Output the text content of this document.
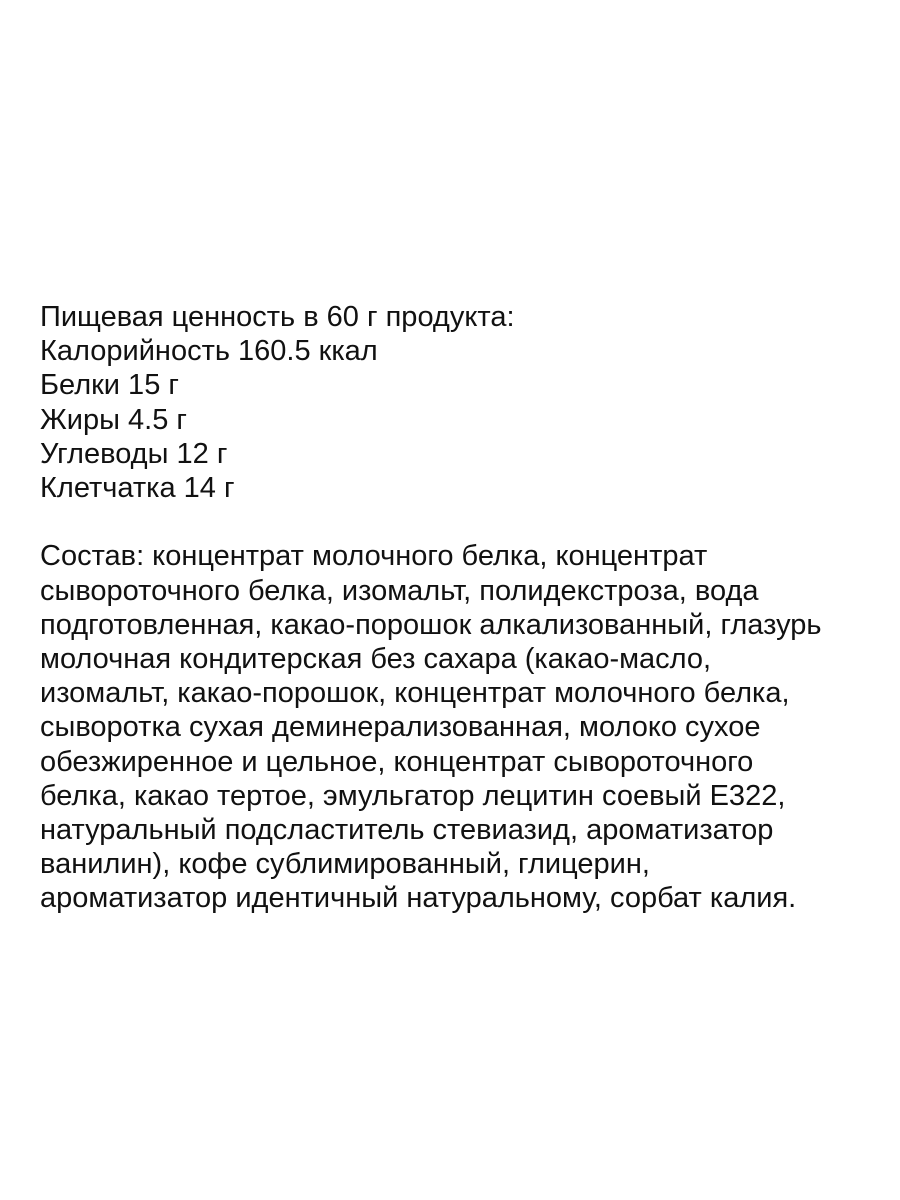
Пищевая ценность в 60 г продукта:
Калорийность 160.5 ккал
Белки 15 г
Жиры 4.5 г
Углеводы 12 г
Клетчатка 14 г
Состав: концентрат молочного белка, концентрат
сывороточного белка, изомальт, полидекстроза, вода
подготовленная, какао-порошок алкализованный, глазурь
молочная кондитерская без сахара (какао-масло,
изомальт, какао-порошок, концентрат молочного белка,
сыворотка сухая деминерализованная, молоко сухое
обезжиренное и цельное, концентрат сывороточного
белка, какао тертое, эмульгатор лецитин соевый Е322,
натуральный подсластитель стевиазид, ароматизатор
ванилин), кофе сублимированный, глицерин,
ароматизатор идентичный натуральному, сорбат калия.
